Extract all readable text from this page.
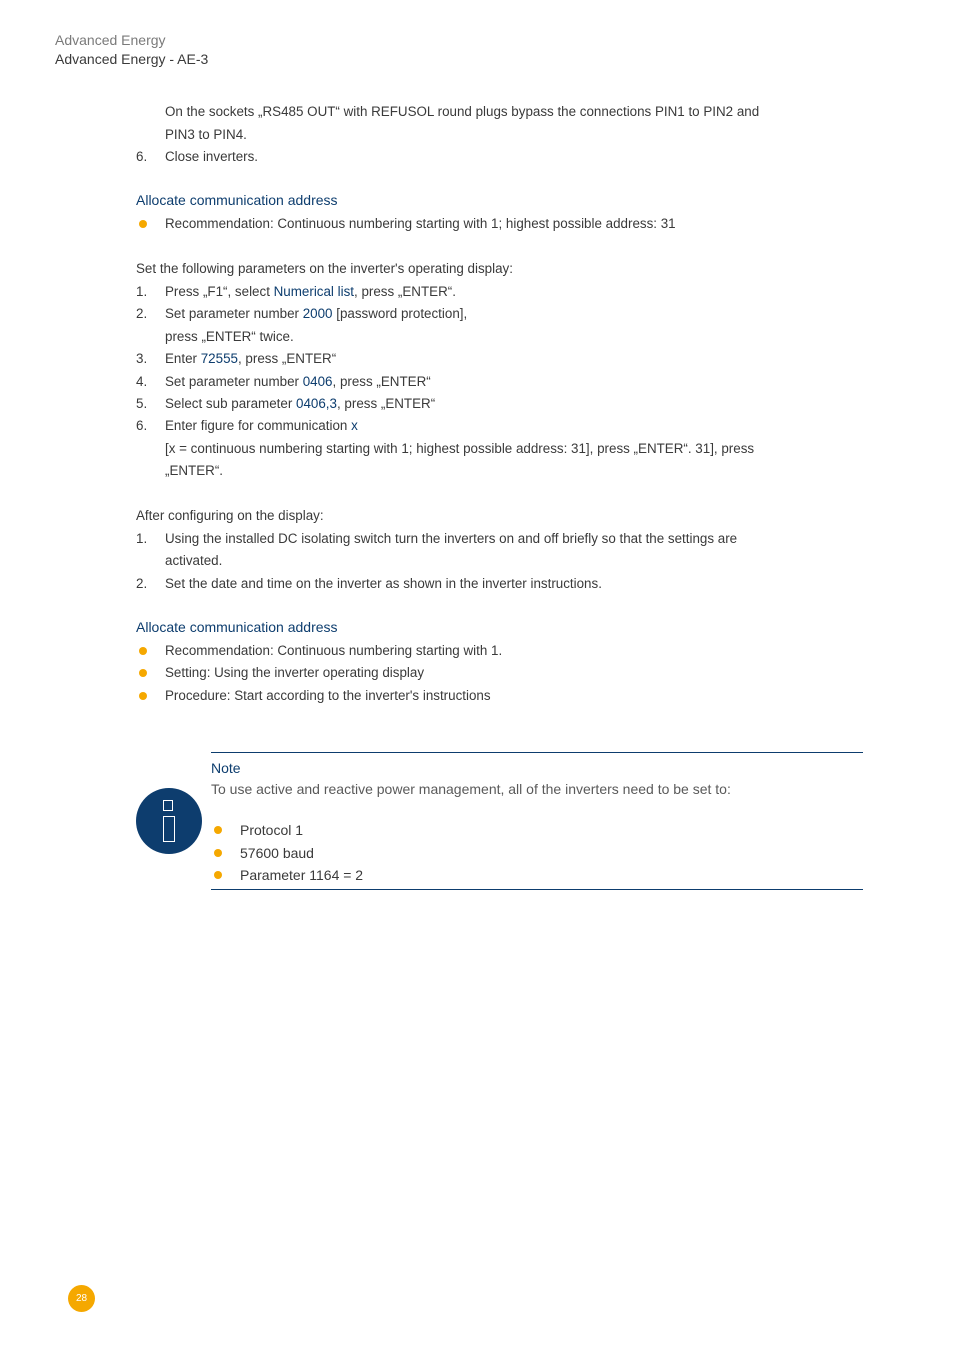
Advanced Energy
Advanced Energy - AE-3
On the sockets „RS485 OUT“ with REFUSOL round plugs bypass the connections PIN1 to PIN2 and
PIN3 to PIN4.
6.	Close inverters.
Allocate communication address
Recommendation: Continuous numbering starting with 1; highest possible address: 31
Set the following parameters on the inverter's operating display:
1.	Press „F1“, select Numerical list, press „ENTER“.
2.	Set parameter number 2000 [password protection],
press „ENTER“ twice.
3.	Enter 72555, press „ENTER“
4.	Set parameter number 0406, press „ENTER“
5.	Select sub parameter 0406,3, press „ENTER“
6.	Enter figure for communication x
[x = continuous numbering starting with 1; highest possible address: 31], press „ENTER“. 31], press
„ENTER“.
After configuring on the display:
1.	Using the installed DC isolating switch turn the inverters on and off briefly so that the settings are
activated.
2.	Set the date and time on the inverter as shown in the inverter instructions.
Allocate communication address
Recommendation: Continuous numbering starting with 1.
Setting: Using the inverter operating display
Procedure: Start according to the inverter's instructions
Note
To use active and reactive power management, all of the inverters need to be set to:
Protocol 1
57600 baud
Parameter 1164 = 2
28
